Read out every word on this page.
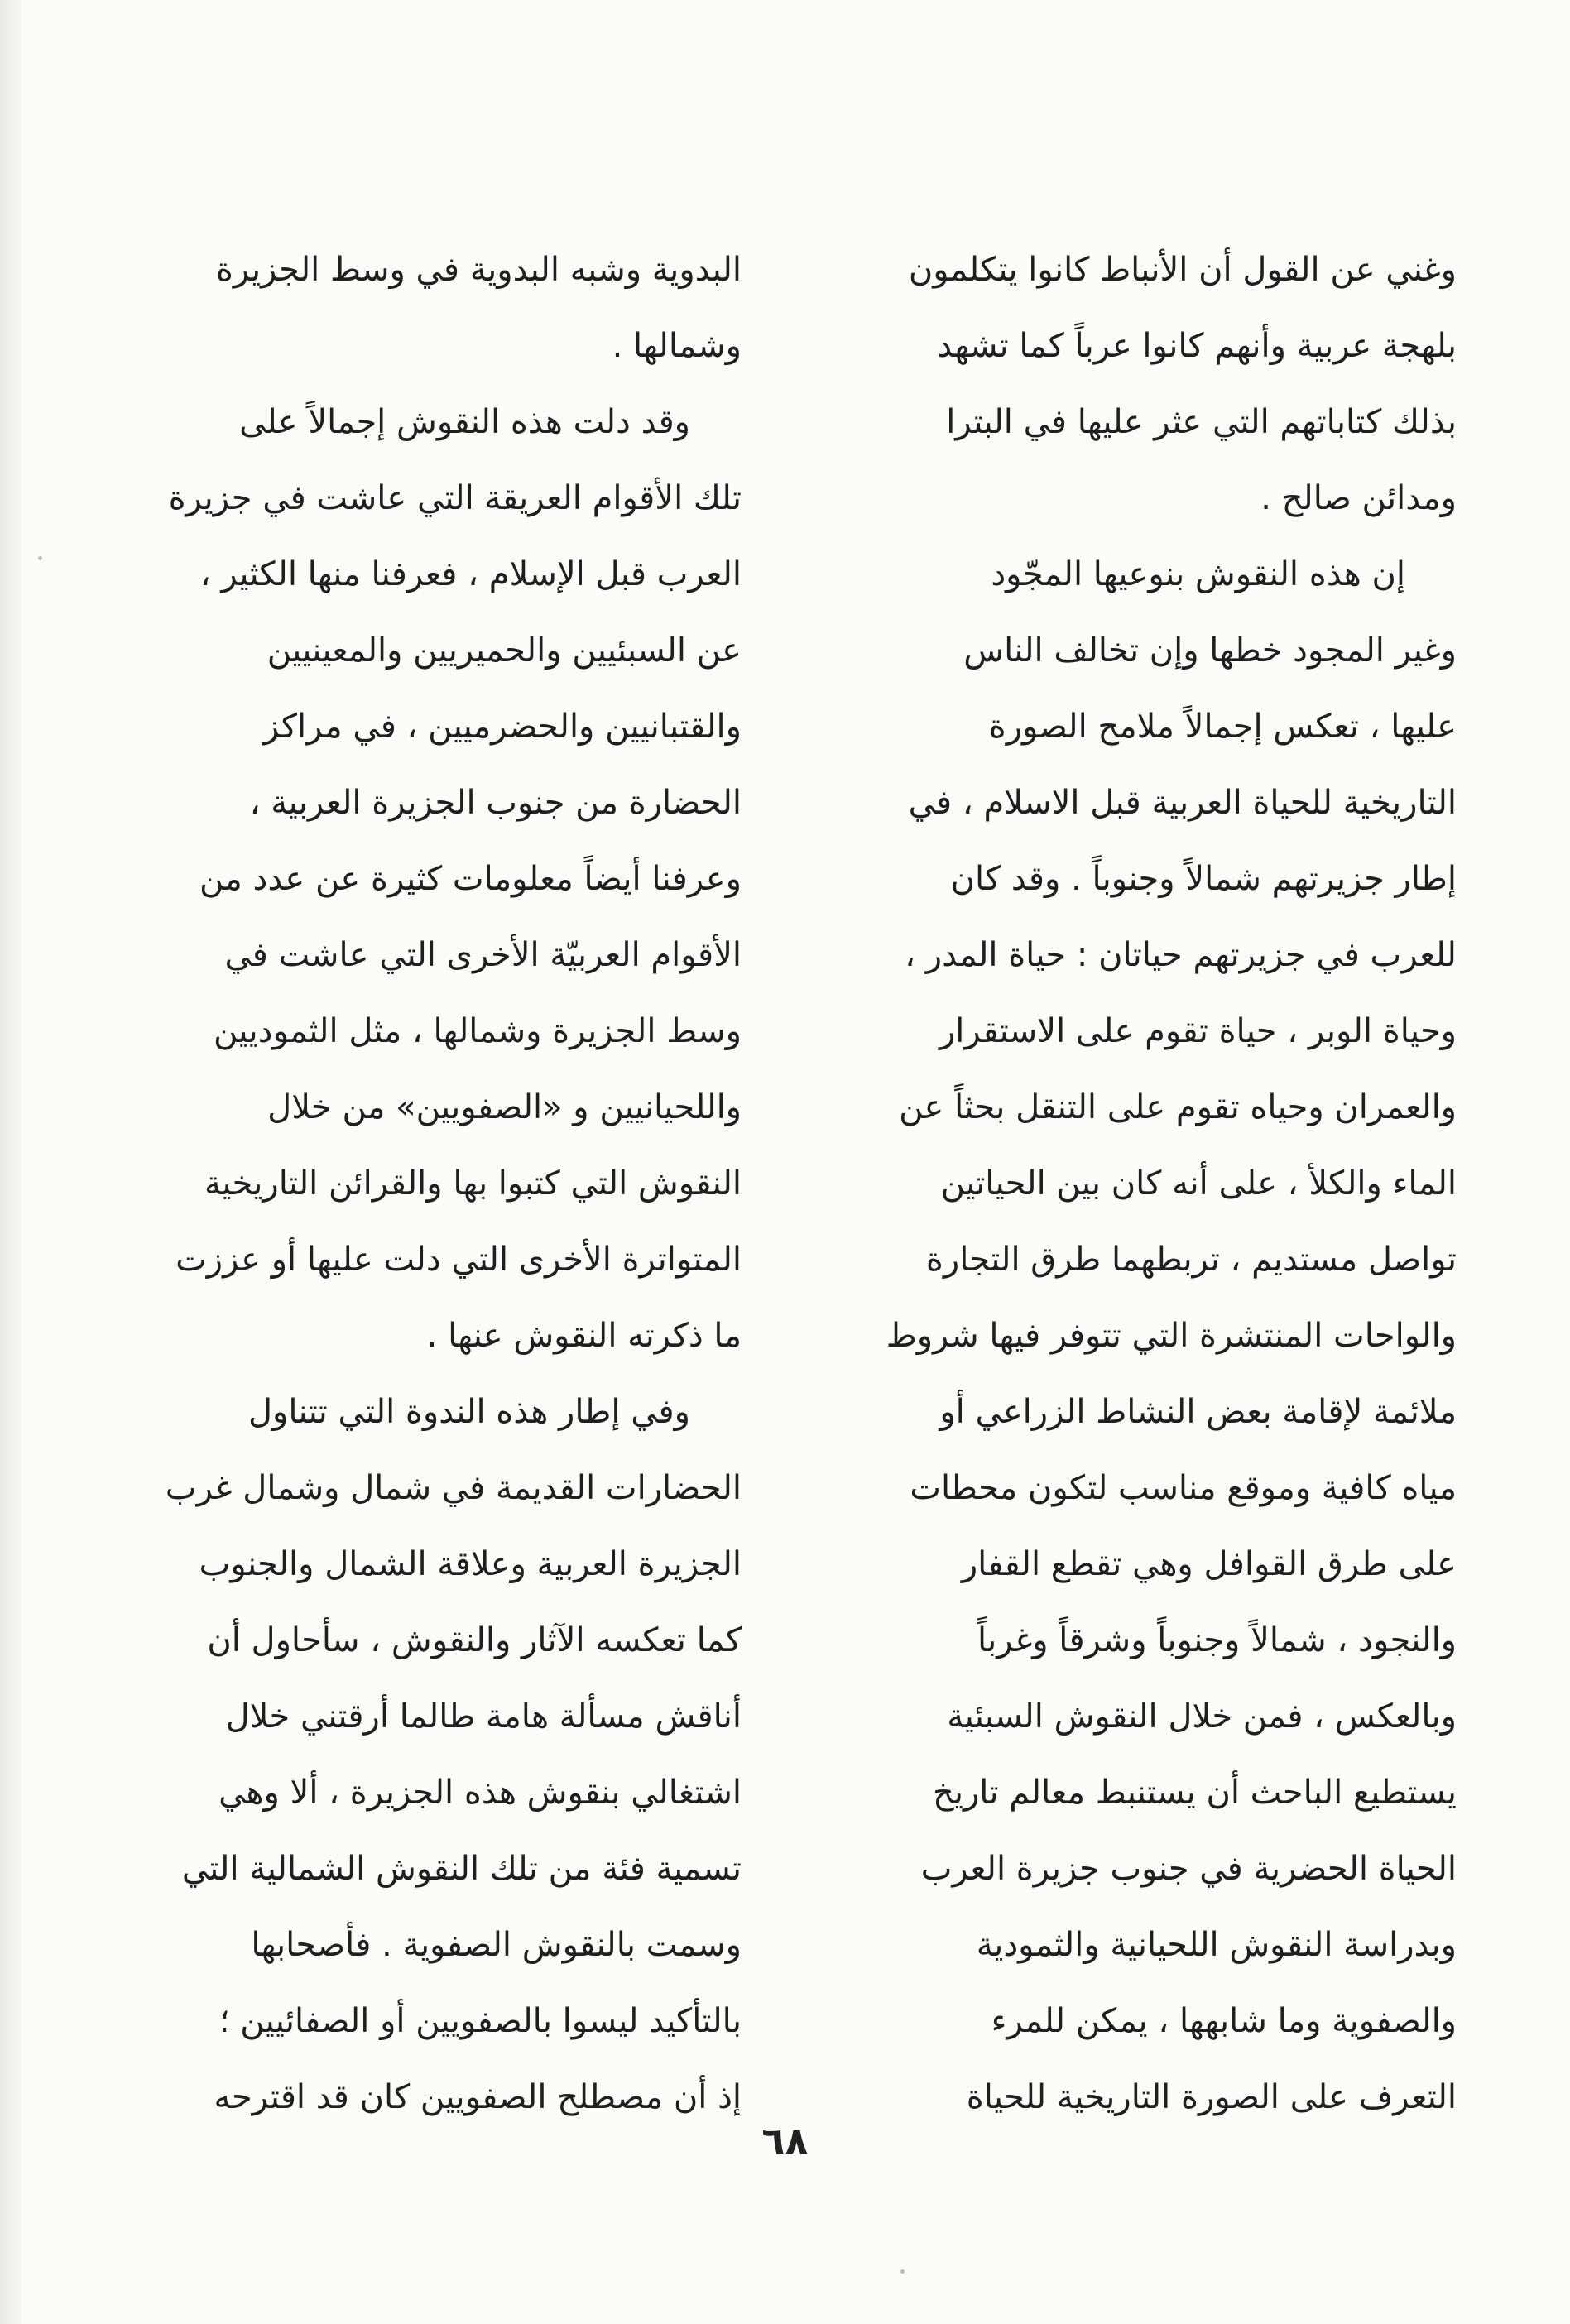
وغني عن القول أن الأنباط كانوا يتكلمون
بلهجة عربية وأنهم كانوا عرباً كما تشهد
بذلك كتاباتهم التي عثر عليها في البترا
ومدائن صالح .
إن هذه النقوش بنوعيها المجّود
وغير المجود خطها وإن تخالف الناس
عليها ، تعكس إجمالاً ملامح الصورة
التاريخية للحياة العربية قبل الاسلام ، في
إطار جزيرتهم شمالاً وجنوباً . وقد كان
للعرب في جزيرتهم حياتان : حياة المدر ،
وحياة الوبر ، حياة تقوم على الاستقرار
والعمران وحياه تقوم على التنقل بحثاً عن
الماء والكلأ ، على أنه كان بين الحياتين
تواصل مستديم ، تربطهما طرق التجارة
والواحات المنتشرة التي تتوفر فيها شروط
ملائمة لإقامة بعض النشاط الزراعي أو
مياه كافية وموقع مناسب لتكون محطات
على طرق القوافل وهي تقطع القفار
والنجود ، شمالاً وجنوباً وشرقاً وغرباً
وبالعكس ، فمن خلال النقوش السبئية
يستطيع الباحث أن يستنبط معالم تاريخ
الحياة الحضرية في جنوب جزيرة العرب
وبدراسة النقوش اللحيانية والثمودية
والصفوية وما شابهها ، يمكن للمرء
التعرف على الصورة التاريخية للحياة
البدوية وشبه البدوية في وسط الجزيرة
وشمالها .
وقد دلت هذه النقوش إجمالاً على
تلك الأقوام العريقة التي عاشت في جزيرة
العرب قبل الإسلام ، فعرفنا منها الكثير ،
عن السبئيين والحميريين والمعينيين
والقتبانيين والحضرميين ، في مراكز
الحضارة من جنوب الجزيرة العربية ،
وعرفنا أيضاً معلومات كثيرة عن عدد من
الأقوام العربيّة الأخرى التي عاشت في
وسط الجزيرة وشمالها ، مثل الثموديين
واللحيانيين و «الصفويين» من خلال
النقوش التي كتبوا بها والقرائن التاريخية
المتواترة الأخرى التي دلت عليها أو عززت
ما ذكرته النقوش عنها .
وفي إطار هذه الندوة التي تتناول
الحضارات القديمة في شمال وشمال غرب
الجزيرة العربية وعلاقة الشمال والجنوب
كما تعكسه الآثار والنقوش ، سأحاول أن
أناقش مسألة هامة طالما أرقتني خلال
اشتغالي بنقوش هذه الجزيرة ، ألا وهي
تسمية فئة من تلك النقوش الشمالية التي
وسمت بالنقوش الصفوية . فأصحابها
بالتأكيد ليسوا بالصفويين أو الصفائيين ؛
إذ أن مصطلح الصفويين كان قد اقترحه
٦٨
